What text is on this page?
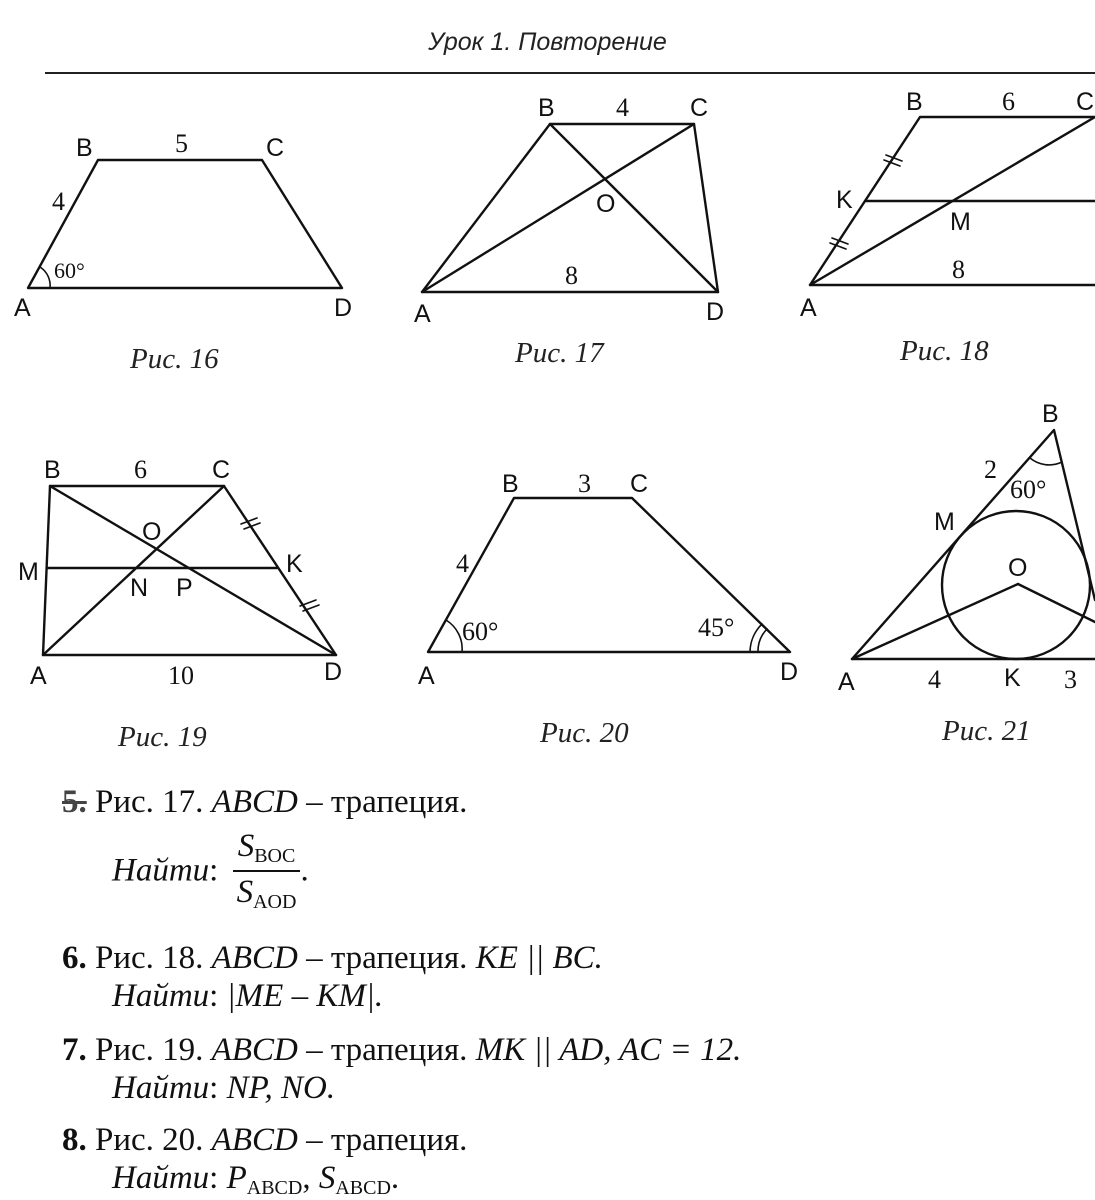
Урок 1. Повторение
B	C
A	D
4
5
60°
Рис. 16
B	C
A	D
O
4
8
Рис. 17
B	C
K
M
A
6
8
Рис. 18
B	C
M	K
O
N P
A	D
6
10
Рис. 19
B	C
A	D
4
3
60°	45°
Рис. 20
B
M
O
K
A
2
4	3
60°
Рис. 21
5. Рис. 17. ABCD – трапеция.
Найти: $\frac{S_{BOC}}{S_{AOD}}$ .
6. Рис. 18. ABCD – трапеция. KE || BC.
Найти: |ME – KM|.
7. Рис. 19. ABCD – трапеция. MK || AD, AC = 12.
Найти: NP, NO.
8. Рис. 20. ABCD – трапеция.
Найти: $P_{ABCD}$, $S_{ABCD}$.
